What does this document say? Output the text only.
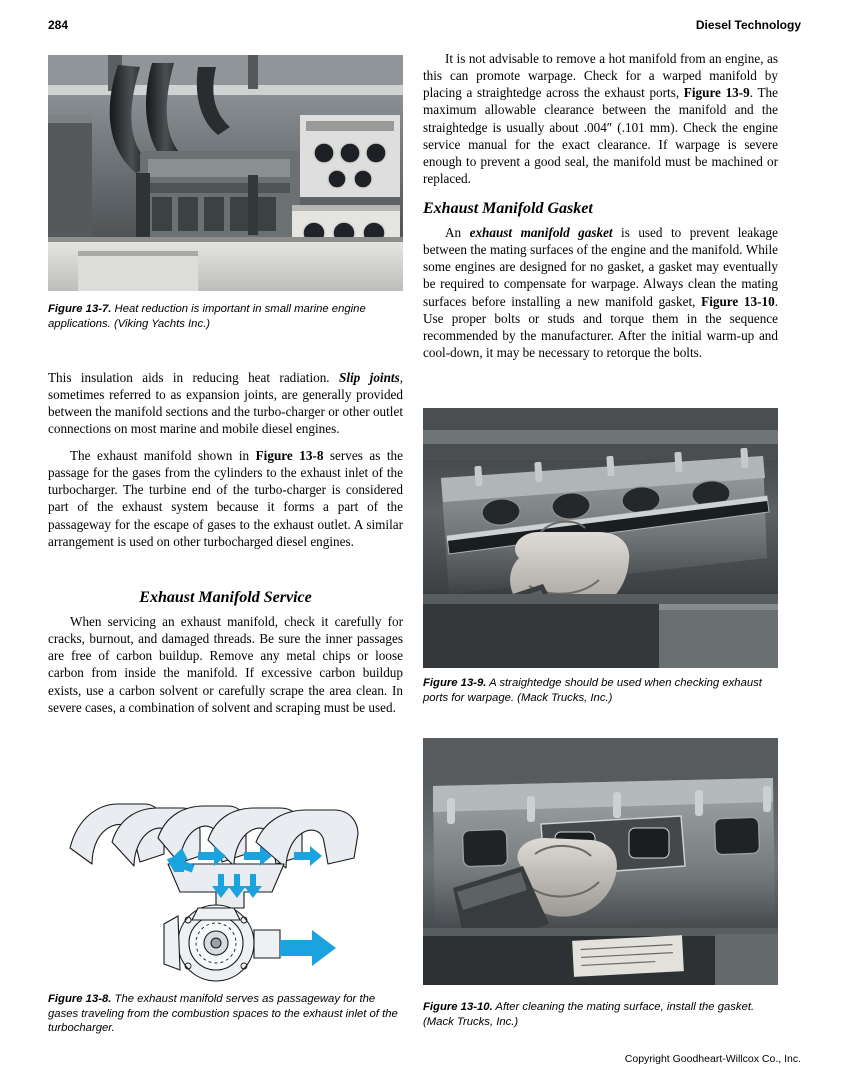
284	Diesel Technology

Figure 13-7. Heat reduction is important in small marine engine applications. (Viking Yachts Inc.)

This insulation aids in reducing heat radiation. Slip joints, sometimes referred to as expansion joints, are generally provided between the manifold sections and the turbo-charger or other outlet connections on most marine and mobile diesel engines.

The exhaust manifold shown in Figure 13-8 serves as the passage for the gases from the cylinders to the exhaust inlet of the turbocharger. The turbine end of the turbo-charger is considered part of the exhaust system because it forms a part of the passageway for the escape of gases to the exhaust outlet. A similar arrangement is used on other turbocharged diesel engines.

Exhaust Manifold Service

When servicing an exhaust manifold, check it carefully for cracks, burnout, and damaged threads. Be sure the inner passages are free of carbon buildup. Remove any metal chips or loose carbon from inside the manifold. If excessive carbon buildup exists, use a carbon solvent or carefully scrape the area clean. In severe cases, a combination of solvent and scraping must be used.

Figure 13-8. The exhaust manifold serves as passageway for the gases traveling from the combustion spaces to the exhaust inlet of the turbocharger.

It is not advisable to remove a hot manifold from an engine, as this can promote warpage. Check for a warped manifold by placing a straightedge across the exhaust ports, Figure 13-9. The maximum allowable clearance between the manifold and the straightedge is usually about .004″ (.101 mm). Check the engine service manual for the exact clearance. If warpage is severe enough to prevent a good seal, the manifold must be machined or replaced.

Exhaust Manifold Gasket

An exhaust manifold gasket is used to prevent leakage between the mating surfaces of the engine and the manifold. While some engines are designed for no gasket, a gasket may eventually be required to compensate for warpage. Always clean the mating surfaces before installing a new manifold gasket, Figure 13-10. Use proper bolts or studs and torque them in the sequence recommended by the manufacturer. After the initial warm-up and cool-down, it may be necessary to retorque the bolts.

Figure 13-9. A straightedge should be used when checking exhaust ports for warpage. (Mack Trucks, Inc.)

Figure 13-10. After cleaning the mating surface, install the gasket. (Mack Trucks, Inc.)

Copyright Goodheart-Willcox Co., Inc.
